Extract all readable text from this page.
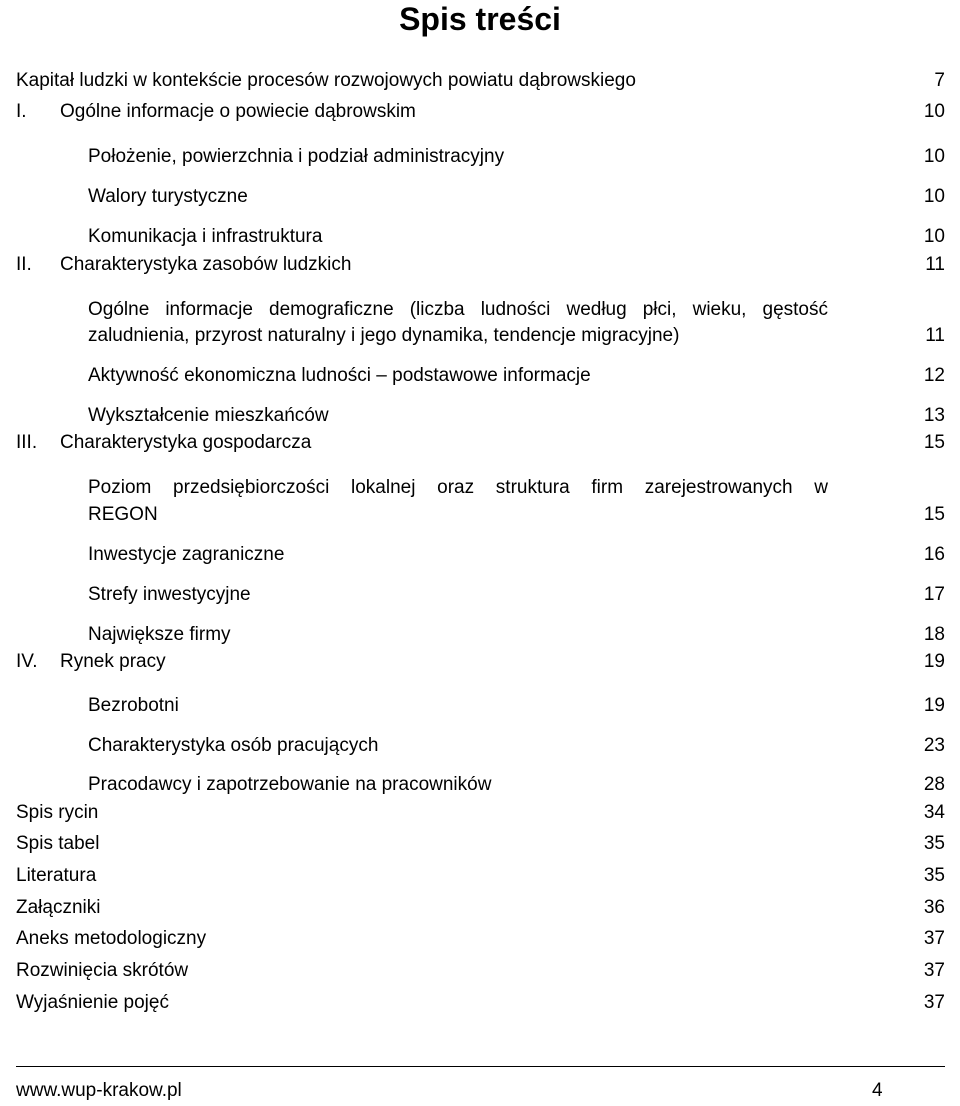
Spis treści
Kapitał ludzki w kontekście procesów rozwojowych powiatu dąbrowskiego	7
I. Ogólne informacje o powiecie dąbrowskim	10
Położenie, powierzchnia i podział administracyjny	10
Walory turystyczne	10
Komunikacja i infrastruktura	10
II. Charakterystyka zasobów ludzkich	11
Ogólne informacje demograficzne (liczba ludności według płci, wieku, gęstość
zaludnienia, przyrost naturalny i jego dynamika, tendencje migracyjne)	11
Aktywność ekonomiczna ludności – podstawowe informacje	12
Wykształcenie mieszkańców	13
III. Charakterystyka gospodarcza	15
Poziom przedsiębiorczości lokalnej oraz struktura firm zarejestrowanych w
REGON	15
Inwestycje zagraniczne	16
Strefy inwestycyjne	17
Największe firmy	18
IV. Rynek pracy	19
Bezrobotni	19
Charakterystyka osób pracujących	23
Pracodawcy i zapotrzebowanie na pracowników	28
Spis rycin	34
Spis tabel	35
Literatura	35
Załączniki	36
Aneks metodologiczny	37
Rozwinięcia skrótów	37
Wyjaśnienie pojęć	37
www.wup-krakow.pl	4
